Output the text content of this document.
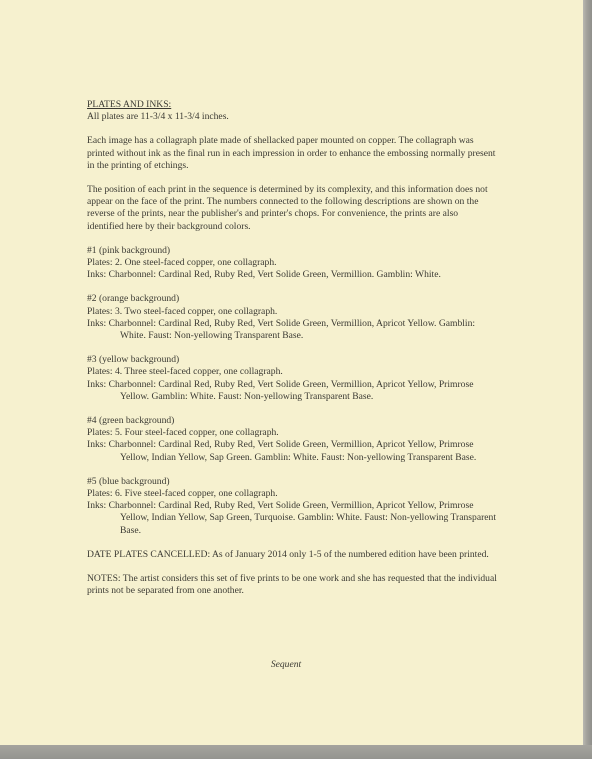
PLATES AND INKS:

All plates are 11-3/4 x 11-3/4 inches.

Each image has a collagraph plate made of shellacked paper mounted on copper. The collagraph was printed without ink as the final run in each impression in order to enhance the embossing normally present in the printing of etchings.

The position of each print in the sequence is determined by its complexity, and this information does not appear on the face of the print. The numbers connected to the following descriptions are shown on the reverse of the prints, near the publisher's and printer's chops. For convenience, the prints are also identified here by their background colors.

#1 (pink background)

Plates: 2. One steel-faced copper, one collagraph.

Inks: Charbonnel: Cardinal Red, Ruby Red, Vert Solide Green, Vermillion. Gamblin: White.

#2 (orange background)

Plates: 3. Two steel-faced copper, one collagraph.

Inks: Charbonnel: Cardinal Red, Ruby Red, Vert Solide Green, Vermillion, Apricot Yellow. Gamblin: White. Faust: Non-yellowing Transparent Base.

#3 (yellow background)

Plates: 4. Three steel-faced copper, one collagraph.

Inks: Charbonnel: Cardinal Red, Ruby Red, Vert Solide Green, Vermillion, Apricot Yellow, Primrose Yellow. Gamblin: White. Faust: Non-yellowing Transparent Base.

#4 (green background)

Plates: 5. Four steel-faced copper, one collagraph.

Inks: Charbonnel: Cardinal Red, Ruby Red, Vert Solide Green, Vermillion, Apricot Yellow, Primrose Yellow, Indian Yellow, Sap Green. Gamblin: White. Faust: Non-yellowing Transparent Base.

#5 (blue background)

Plates: 6. Five steel-faced copper, one collagraph.

Inks: Charbonnel: Cardinal Red, Ruby Red, Vert Solide Green, Vermillion, Apricot Yellow, Primrose Yellow, Indian Yellow, Sap Green, Turquoise. Gamblin: White. Faust: Non-yellowing Transparent Base.

DATE PLATES CANCELLED: As of January 2014 only 1-5 of the numbered edition have been printed.

NOTES: The artist considers this set of five prints to be one work and she has requested that the individual prints not be separated from one another.

Sequent
